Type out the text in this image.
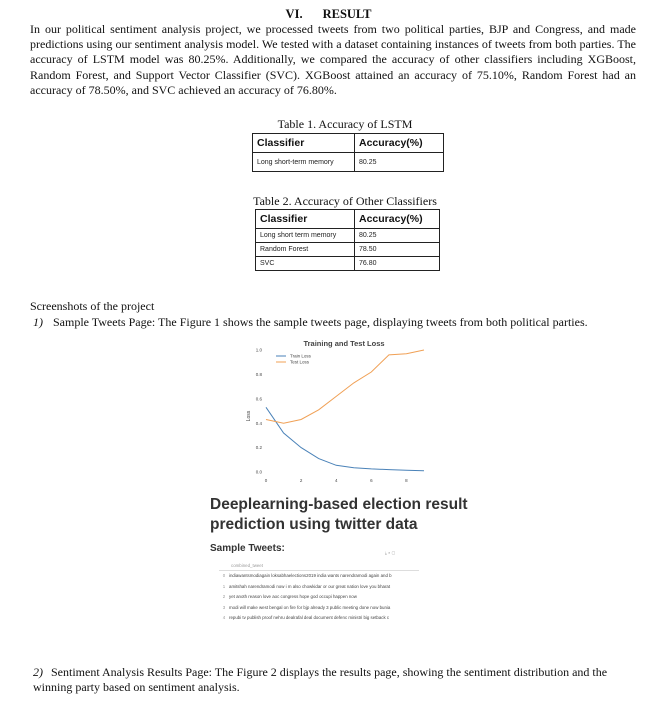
VI. RESULT
In our political sentiment analysis project, we processed tweets from two political parties, BJP and Congress, and made predictions using our sentiment analysis model. We tested with a dataset containing instances of tweets from both parties. The accuracy of LSTM model was 80.25%. Additionally, we compared the accuracy of other classifiers including XGBoost, Random Forest, and Support Vector Classifier (SVC). XGBoost attained an accuracy of 75.10%, Random Forest had an accuracy of 78.50%, and SVC achieved an accuracy of 76.80%.
Table 1. Accuracy of LSTM
Classifier	Accuracy(%)
Long short-term memory	80.25
Table 2. Accuracy of Other Classifiers
Classifier	Accuracy(%)
Long short term memory	80.25
Random Forest	78.50
SVC	76.80
Screenshots of the project
1) Sample Tweets Page: The Figure 1 shows the sample tweets page, displaying tweets from both political parties.
Training and Test Loss
Loss
0.0
0.2
0.4
0.6
0.8
1.0
0	2	4	6	8
Train Loss
Test Loss
Deeplearning-based election result prediction using twitter data
Sample Tweets:	⤓ ⌕ ▢
combined_tweet
0 indiawantsmodiagain loksabhaelections2019 india wants narendramodi again and b
1 amitshah narendramodi now i m also chowkidar or our great nation love you bharat
2 yet anoth reason love aoc congress hope god occupi happen now
3 modi will make west bengal on fire for bjp already 3 public meeting done now bunia
4 repubi tv publish proof nehru dealrafal deal document defenc ministri big setback c
2) Sentiment Analysis Results Page: The Figure 2 displays the results page, showing the sentiment distribution and the winning party based on sentiment analysis.
